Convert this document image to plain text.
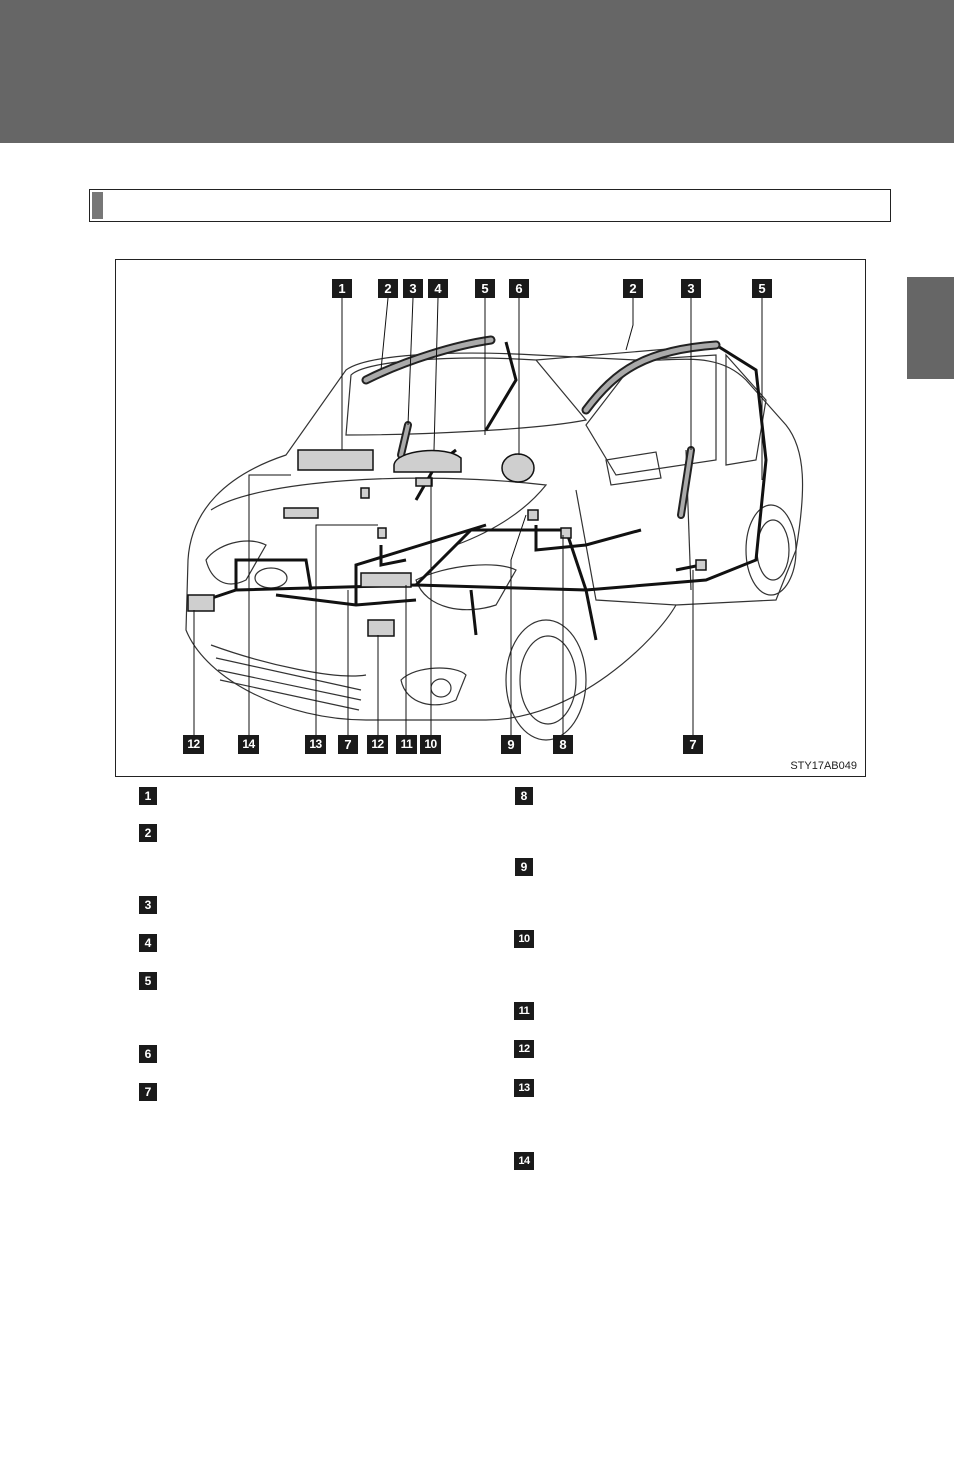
1	2	3	4	5	6	2	3	5
12	14	13	7	12	11 10	9	8	7
STY17AB049
1
2
3
4
5
6
7
8
9
10
11
12
13
14
